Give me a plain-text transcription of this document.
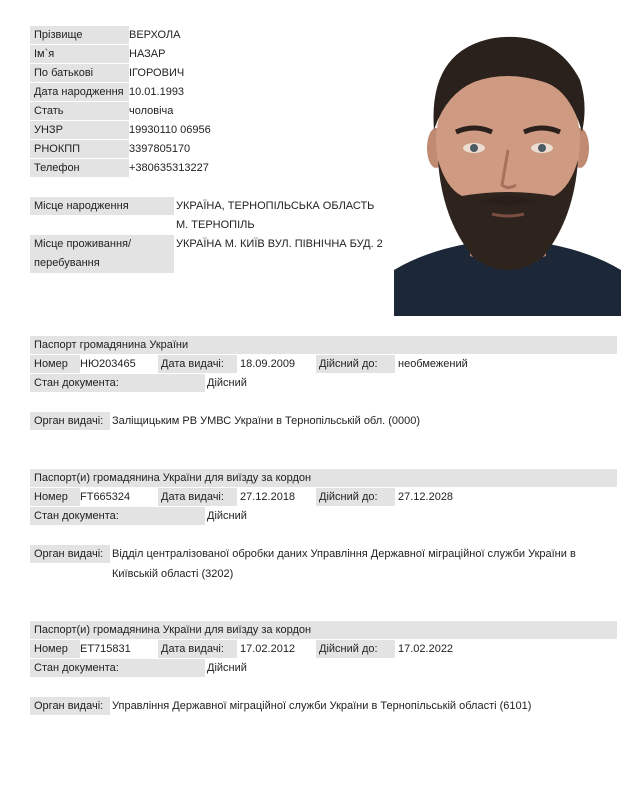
Прізвище	ВЕРХОЛА
Ім`я	НАЗАР
По батькові	ІГОРОВИЧ
Дата народження 10.01.1993
Стать	чоловіча
УНЗР	19930110 06956
РНОКПП	3397805170
Телефон	+380635313227
Місце народження	УКРАЇНА, ТЕРНОПІЛЬСЬКА ОБЛАСТЬ
М. ТЕРНОПІЛЬ
Місце проживання/
перебування
УКРАЇНА М. КИЇВ ВУЛ. ПІВНІЧНА БУД. 2
Паспорт громадянина України
Номер	НЮ203465 Дата видачі:	18.09.2009 Дійсний до:	необмежений
Стан документа:	Дійсний
Орган видачі: Заліщицьким РВ УМВС України в Тернопільській обл. (0000)
Паспорт(и) громадянина України для виїзду за кордон
Номер	FT665324	Дата видачі:	27.12.2018 Дійсний до:	27.12.2028
Стан документа:	Дійсний
Орган видачі: Відділ централізованої обробки даних Управління Державної міграційної служби України в
Київській області (3202)
Паспорт(и) громадянина України для виїзду за кордон
Номер	ET715831	Дата видачі:	17.02.2012 Дійсний до:	17.02.2022
Стан документа:	Дійсний
Орган видачі: Управління Державної міграційної служби України в Тернопільській області (6101)
